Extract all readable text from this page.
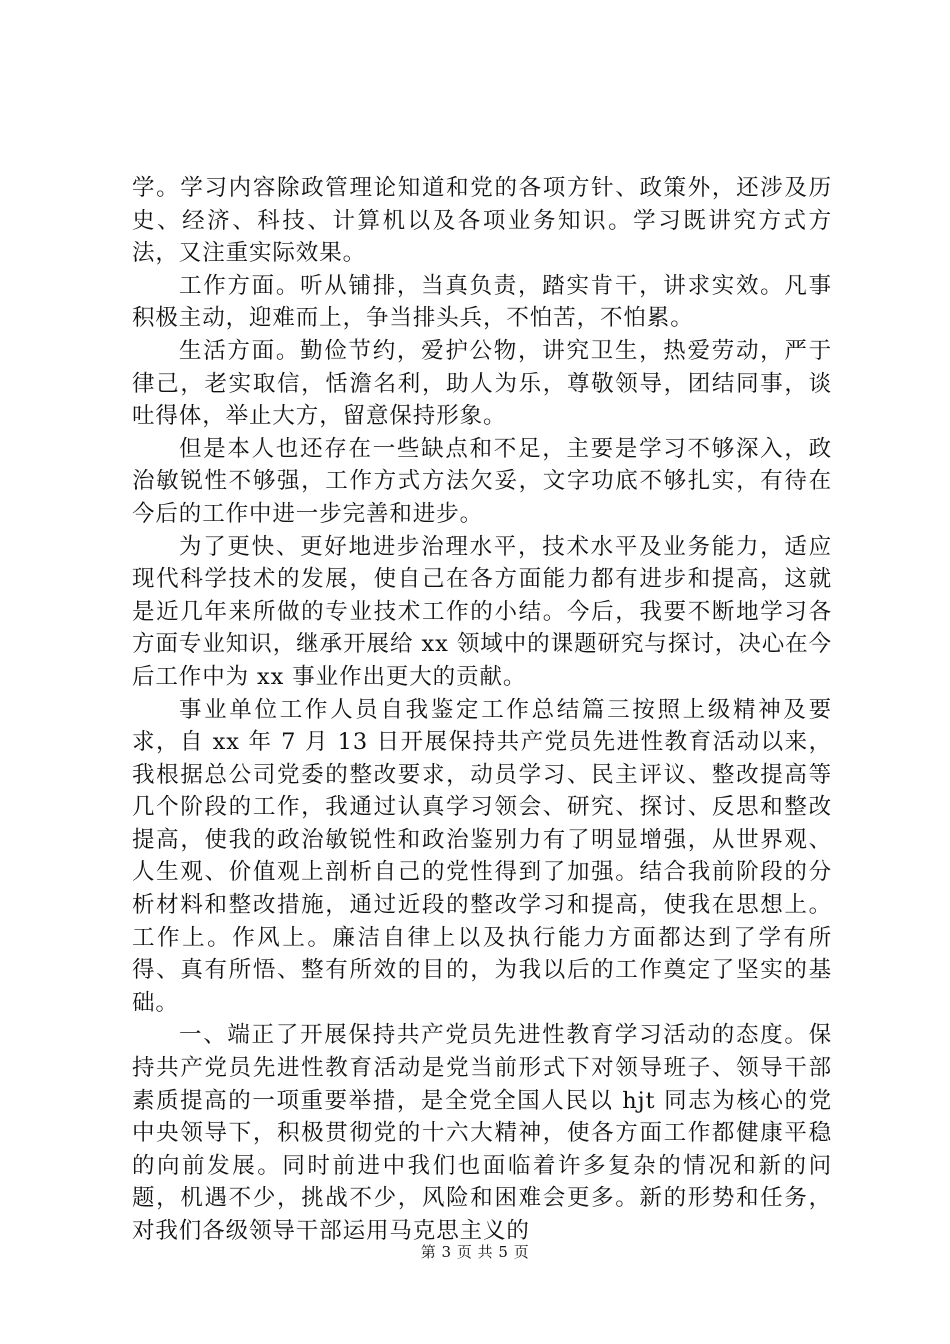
学。学习内容除政管理论知道和党的各项方针、政策外，还涉及历史、经济、科技、计算机以及各项业务知识。学习既讲究方式方法，又注重实际效果。

工作方面。听从铺排，当真负责，踏实肯干，讲求实效。凡事积极主动，迎难而上，争当排头兵，不怕苦，不怕累。

生活方面。勤俭节约，爱护公物，讲究卫生，热爱劳动，严于律己，老实取信，恬澹名利，助人为乐，尊敬领导，团结同事，谈吐得体，举止大方，留意保持形象。

但是本人也还存在一些缺点和不足，主要是学习不够深入，政治敏锐性不够强，工作方式方法欠妥，文字功底不够扎实，有待在今后的工作中进一步完善和进步。

为了更快、更好地进步治理水平，技术水平及业务能力，适应现代科学技术的发展，使自己在各方面能力都有进步和提高，这就是近几年来所做的专业技术工作的小结。今后，我要不断地学习各方面专业知识，继承开展给 xx 领域中的课题研究与探讨，决心在今后工作中为 xx 事业作出更大的贡献。

事业单位工作人员自我鉴定工作总结篇三按照上级精神及要求，自 xx 年 7 月 13 日开展保持共产党员先进性教育活动以来，我根据总公司党委的整改要求，动员学习、民主评议、整改提高等几个阶段的工作，我通过认真学习领会、研究、探讨、反思和整改提高，使我的政治敏锐性和政治鉴别力有了明显增强，从世界观、人生观、价值观上剖析自己的党性得到了加强。结合我前阶段的分析材料和整改措施，通过近段的整改学习和提高，使我在思想上。工作上。作风上。廉洁自律上以及执行能力方面都达到了学有所得、真有所悟、整有所效的目的，为我以后的工作奠定了坚实的基础。

一、端正了开展保持共产党员先进性教育学习活动的态度。保持共产党员先进性教育活动是党当前形式下对领导班子、领导干部素质提高的一项重要举措，是全党全国人民以 hjt 同志为核心的党中央领导下，积极贯彻党的十六大精神，使各方面工作都健康平稳的向前发展。同时前进中我们也面临着许多复杂的情况和新的问题，机遇不少，挑战不少，风险和困难会更多。新的形势和任务，对我们各级领导干部运用马克思主义的

第 3 页 共 5 页
